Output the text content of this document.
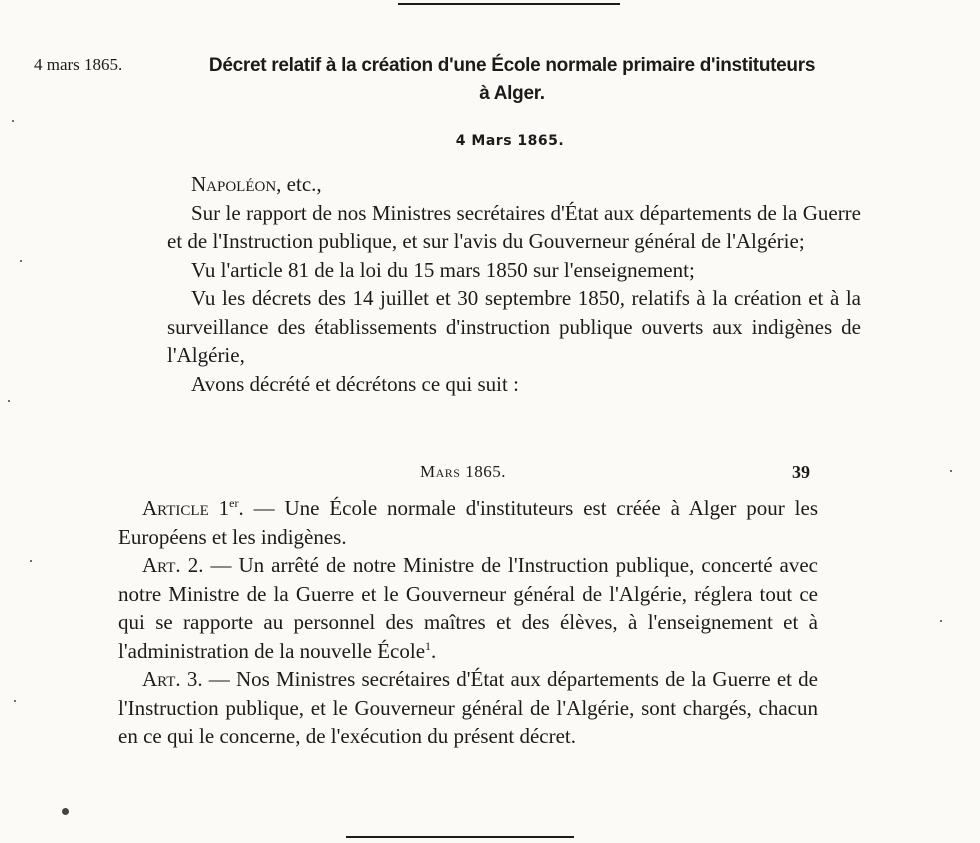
4 mars 1865.	Décret relatif à la création d'une École normale primaire d'instituteurs
à Alger.
4 Mars 1865.

Napoléon, etc.,

Sur le rapport de nos Ministres secrétaires d'État aux départements de la Guerre et de l'Instruction publique, et sur l'avis du Gouverneur général de l'Algérie;

Vu l'article 81 de la loi du 15 mars 1850 sur l'enseignement;

Vu les décrets des 14 juillet et 30 septembre 1850, relatifs à la création et à la surveillance des établissements d'instruction publique ouverts aux indigènes de l'Algérie,

Avons décrété et décrétons ce qui suit :

Mars 1865.	39

Article 1er. — Une École normale d'instituteurs est créée à Alger pour les Européens et les indigènes.

Art. 2. — Un arrêté de notre Ministre de l'Instruction publique, concerté avec notre Ministre de la Guerre et le Gouverneur général de l'Algérie, réglera tout ce qui se rapporte au personnel des maîtres et des élèves, à l'enseignement et à l'administration de la nouvelle École$^1$.

Art. 3. — Nos Ministres secrétaires d'État aux départements de la Guerre et de l'Instruction publique, et le Gouverneur général de l'Algérie, sont chargés, chacun en ce qui le concerne, de l'exécution du présent décret.
